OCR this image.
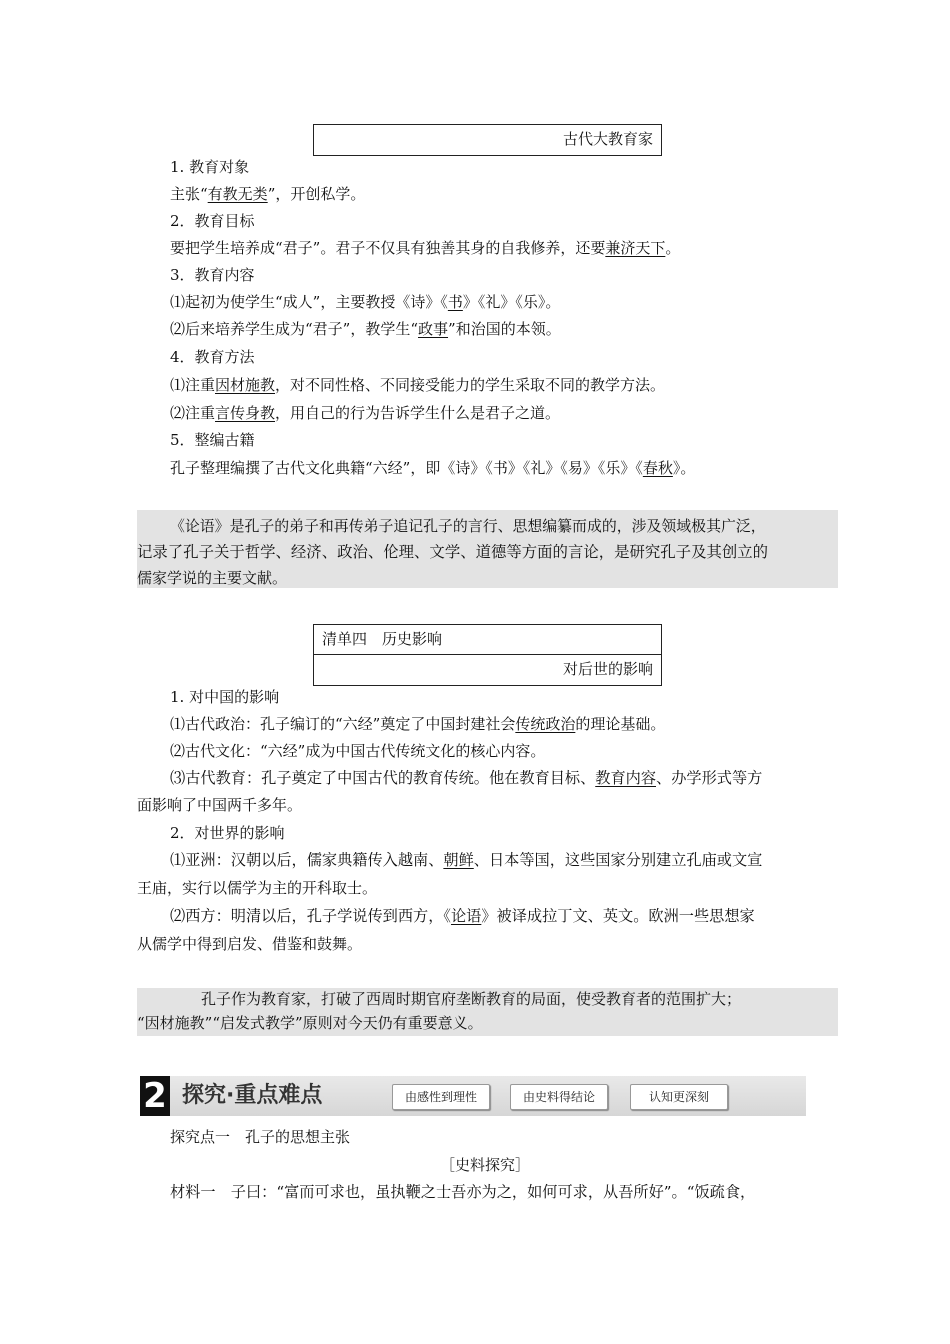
古代大教育家
1. 教育对象
主张“有教无类”，开创私学。
2．教育目标
要把学生培养成“君子”。君子不仅具有独善其身的自我修养，还要兼济天下。
3．教育内容
⑴起初为使学生“成人”，主要教授《诗》《书》《礼》《乐》。
⑵后来培养学生成为“君子”，教学生“政事”和治国的本领。
4．教育方法
⑴注重因材施教，对不同性格、不同接受能力的学生采取不同的教学方法。
⑵注重言传身教，用自己的行为告诉学生什么是君子之道。
5．整编古籍
孔子整理编撰了古代文化典籍“六经”，即《诗》《书》《礼》《易》《乐》《春秋》。
《论语》是孔子的弟子和再传弟子追记孔子的言行、思想编纂而成的，涉及领域极其广泛，
记录了孔子关于哲学、经济、政治、伦理、文学、道德等方面的言论，是研究孔子及其创立的
儒家学说的主要文献。
清单四　历史影响
对后世的影响
1. 对中国的影响
⑴古代政治：孔子编订的“六经”奠定了中国封建社会传统政治的理论基础。
⑵古代文化：“六经”成为中国古代传统文化的核心内容。
⑶古代教育：孔子奠定了中国古代的教育传统。他在教育目标、教育内容、办学形式等方
面影响了中国两千多年。
2．对世界的影响
⑴亚洲：汉朝以后，儒家典籍传入越南、朝鲜、日本等国，这些国家分别建立孔庙或文宣
王庙，实行以儒学为主的开科取士。
⑵西方：明清以后，孔子学说传到西方，《论语》被译成拉丁文、英文。欧洲一些思想家
从儒学中得到启发、借鉴和鼓舞。
孔子作为教育家，打破了西周时期官府垄断教育的局面，使受教育者的范围扩大；
“因材施教”“启发式教学”原则对今天仍有重要意义。
2 探究·重点难点	由感性到理性	由史料得结论	认知更深刻
探究点一　孔子的思想主张
［史料探究］
材料一　子曰：“富而可求也，虽执鞭之士吾亦为之，如何可求，从吾所好”。“饭疏食，
